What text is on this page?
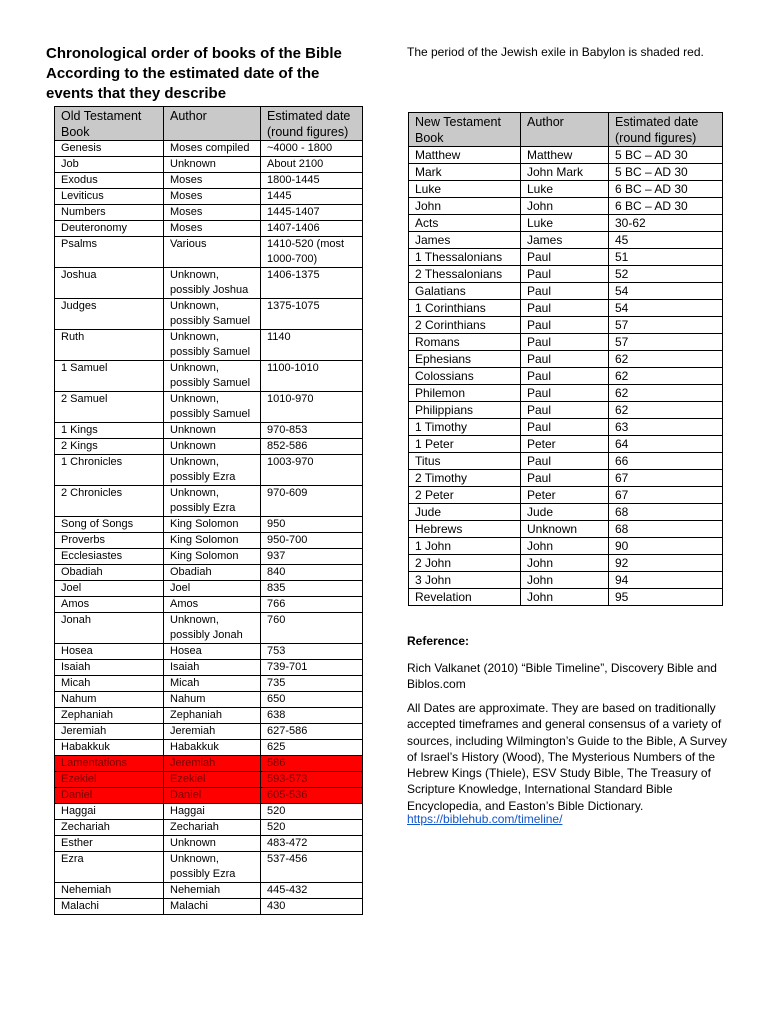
Chronological order of books of the Bible
According to the estimated date of the
events that they describe
The period of the Jewish exile in Babylon is shaded red.
Old Testament Book	Author	Estimated date (round figures)
Genesis	Moses compiled	~4000 - 1800
Job	Unknown	About 2100
Exodus	Moses	1800-1445
Leviticus	Moses	1445
Numbers	Moses	1445-1407
Deuteronomy	Moses	1407-1406
Psalms	Various	1410-520 (most 1000-700)
Joshua	Unknown, possibly Joshua	1406-1375
Judges	Unknown, possibly Samuel	1375-1075
Ruth	Unknown, possibly Samuel	1140
1 Samuel	Unknown, possibly Samuel	1100-1010
2 Samuel	Unknown, possibly Samuel	1010-970
1 Kings	Unknown	970-853
2 Kings	Unknown	852-586
1 Chronicles	Unknown, possibly Ezra	1003-970
2 Chronicles	Unknown, possibly Ezra	970-609
Song of Songs	King Solomon	950
Proverbs	King Solomon	950-700
Ecclesiastes	King Solomon	937
Obadiah	Obadiah	840
Joel	Joel	835
Amos	Amos	766
Jonah	Unknown, possibly Jonah	760
Hosea	Hosea	753
Isaiah	Isaiah	739-701
Micah	Micah	735
Nahum	Nahum	650
Zephaniah	Zephaniah	638
Jeremiah	Jeremiah	627-586
Habakkuk	Habakkuk	625
Lamentations	Jeremiah	586
Ezekiel	Ezekiel	593-573
Daniel	Daniel	605-536
Haggai	Haggai	520
Zechariah	Zechariah	520
Esther	Unknown	483-472
Ezra	Unknown, possibly Ezra	537-456
Nehemiah	Nehemiah	445-432
Malachi	Malachi	430
New Testament Book	Author	Estimated date (round figures)
Matthew	Matthew	5 BC – AD 30
Mark	John Mark	5 BC – AD 30
Luke	Luke	6 BC – AD 30
John	John	6 BC – AD 30
Acts	Luke	30-62
James	James	45
1 Thessalonians	Paul	51
2 Thessalonians	Paul	52
Galatians	Paul	54
1 Corinthians	Paul	54
2 Corinthians	Paul	57
Romans	Paul	57
Ephesians	Paul	62
Colossians	Paul	62
Philemon	Paul	62
Philippians	Paul	62
1 Timothy	Paul	63
1 Peter	Peter	64
Titus	Paul	66
2 Timothy	Paul	67
2 Peter	Peter	67
Jude	Jude	68
Hebrews	Unknown	68
1 John	John	90
2 John	John	92
3 John	John	94
Revelation	John	95
Reference:
Rich Valkanet (2010) “Bible Timeline”, Discovery Bible and Biblos.com
All Dates are approximate. They are based on traditionally accepted timeframes and general consensus of a variety of sources, including Wilmington’s Guide to the Bible, A Survey of Israel’s History (Wood), The Mysterious Numbers of the Hebrew Kings (Thiele), ESV Study Bible, The Treasury of Scripture Knowledge, International Standard Bible Encyclopedia, and Easton’s Bible Dictionary.
https://biblehub.com/timeline/
